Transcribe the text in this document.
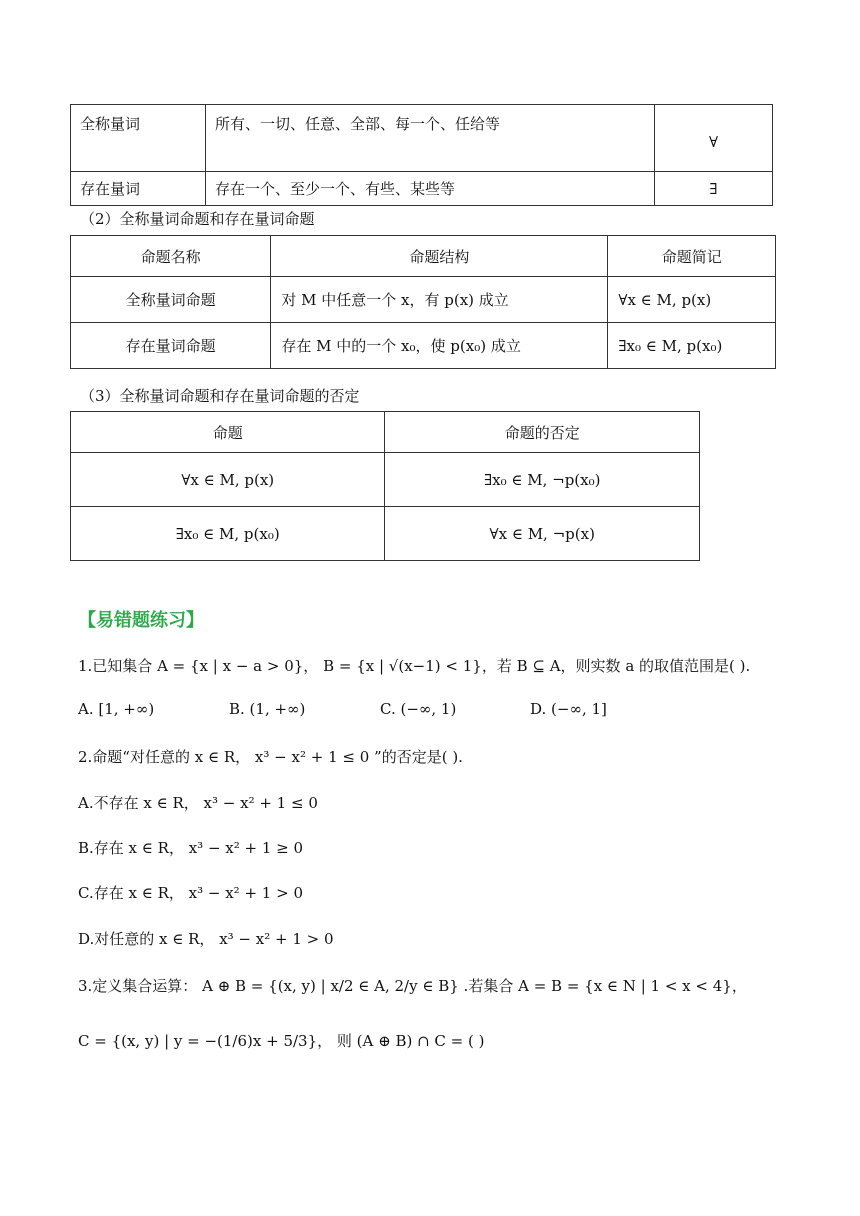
全称量词	所有、一切、任意、全部、每一个、任给等	∀
存在量词	存在一个、至少一个、有些、某些等	∃
（2）全称量词命题和存在量词命题
命题名称	命题结构	命题简记
全称量词命题	对 M 中任意一个 x，有 p(x) 成立	∀x ∈ M, p(x)
存在量词命题	存在 M 中的一个 x₀，使 p(x₀) 成立	∃x₀ ∈ M, p(x₀)
（3）全称量词命题和存在量词命题的否定
命题	命题的否定
∀x ∈ M, p(x)	∃x₀ ∈ M, ¬p(x₀)
∃x₀ ∈ M, p(x₀)	∀x ∈ M, ¬p(x)
【易错题练习】
1.已知集合 A = {x | x − a > 0}， B = {x | √(x−1) < 1}，若 B ⊆ A，则实数 a 的取值范围是( ).
A. [1, +∞)	B. (1, +∞)	C. (−∞, 1)	D. (−∞, 1]
2.命题“对任意的 x ∈ R， x³ − x² + 1 ≤ 0 ”的否定是( ).
A.不存在 x ∈ R， x³ − x² + 1 ≤ 0
B.存在 x ∈ R， x³ − x² + 1 ≥ 0
C.存在 x ∈ R， x³ − x² + 1 > 0
D.对任意的 x ∈ R， x³ − x² + 1 > 0
3.定义集合运算： A ⊕ B = {(x, y) | x/2 ∈ A, 2/y ∈ B} .若集合 A = B = {x ∈ N | 1 < x < 4}，
C = {(x, y) | y = −(1/6)x + 5/3}， 则 (A ⊕ B) ∩ C = ( )
